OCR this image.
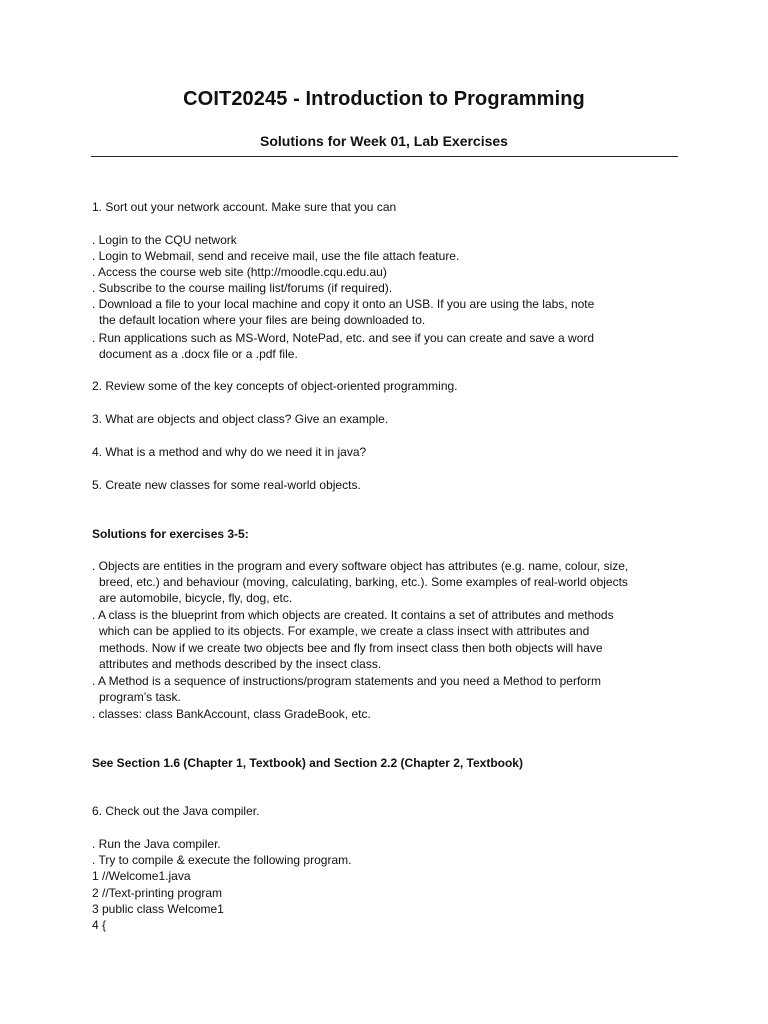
COIT20245 - Introduction to Programming
Solutions for Week 01, Lab Exercises

1. Sort out your network account. Make sure that you can

. Login to the CQU network

. Login to Webmail, send and receive mail, use the file attach feature.

. Access the course web site (http://moodle.cqu.edu.au)

. Subscribe to the course mailing list/forums (if required).

. Download a file to your local machine and copy it onto an USB. If you are using the labs, note

the default location where your files are being downloaded to.

. Run applications such as MS-Word, NotePad, etc. and see if you can create and save a word

document as a .docx file or a .pdf file.

2. Review some of the key concepts of object-oriented programming.

3. What are objects and object class? Give an example.

4. What is a method and why do we need it in java?

5. Create new classes for some real-world objects.

Solutions for exercises 3-5:

. Objects are entities in the program and every software object has attributes (e.g. name, colour, size,

breed, etc.) and behaviour (moving, calculating, barking, etc.). Some examples of real-world objects

are automobile, bicycle, fly, dog, etc.

. A class is the blueprint from which objects are created. It contains a set of attributes and methods

which can be applied to its objects. For example, we create a class insect with attributes and

methods. Now if we create two objects bee and fly from insect class then both objects will have

attributes and methods described by the insect class.

. A Method is a sequence of instructions/program statements and you need a Method to perform

program’s task.

. classes: class BankAccount, class GradeBook, etc.

See Section 1.6 (Chapter 1, Textbook) and Section 2.2 (Chapter 2, Textbook)

6. Check out the Java compiler.

. Run the Java compiler.

. Try to compile & execute the following program.

1 //Welcome1.java

2 //Text-printing program

3 public class Welcome1

4 {
